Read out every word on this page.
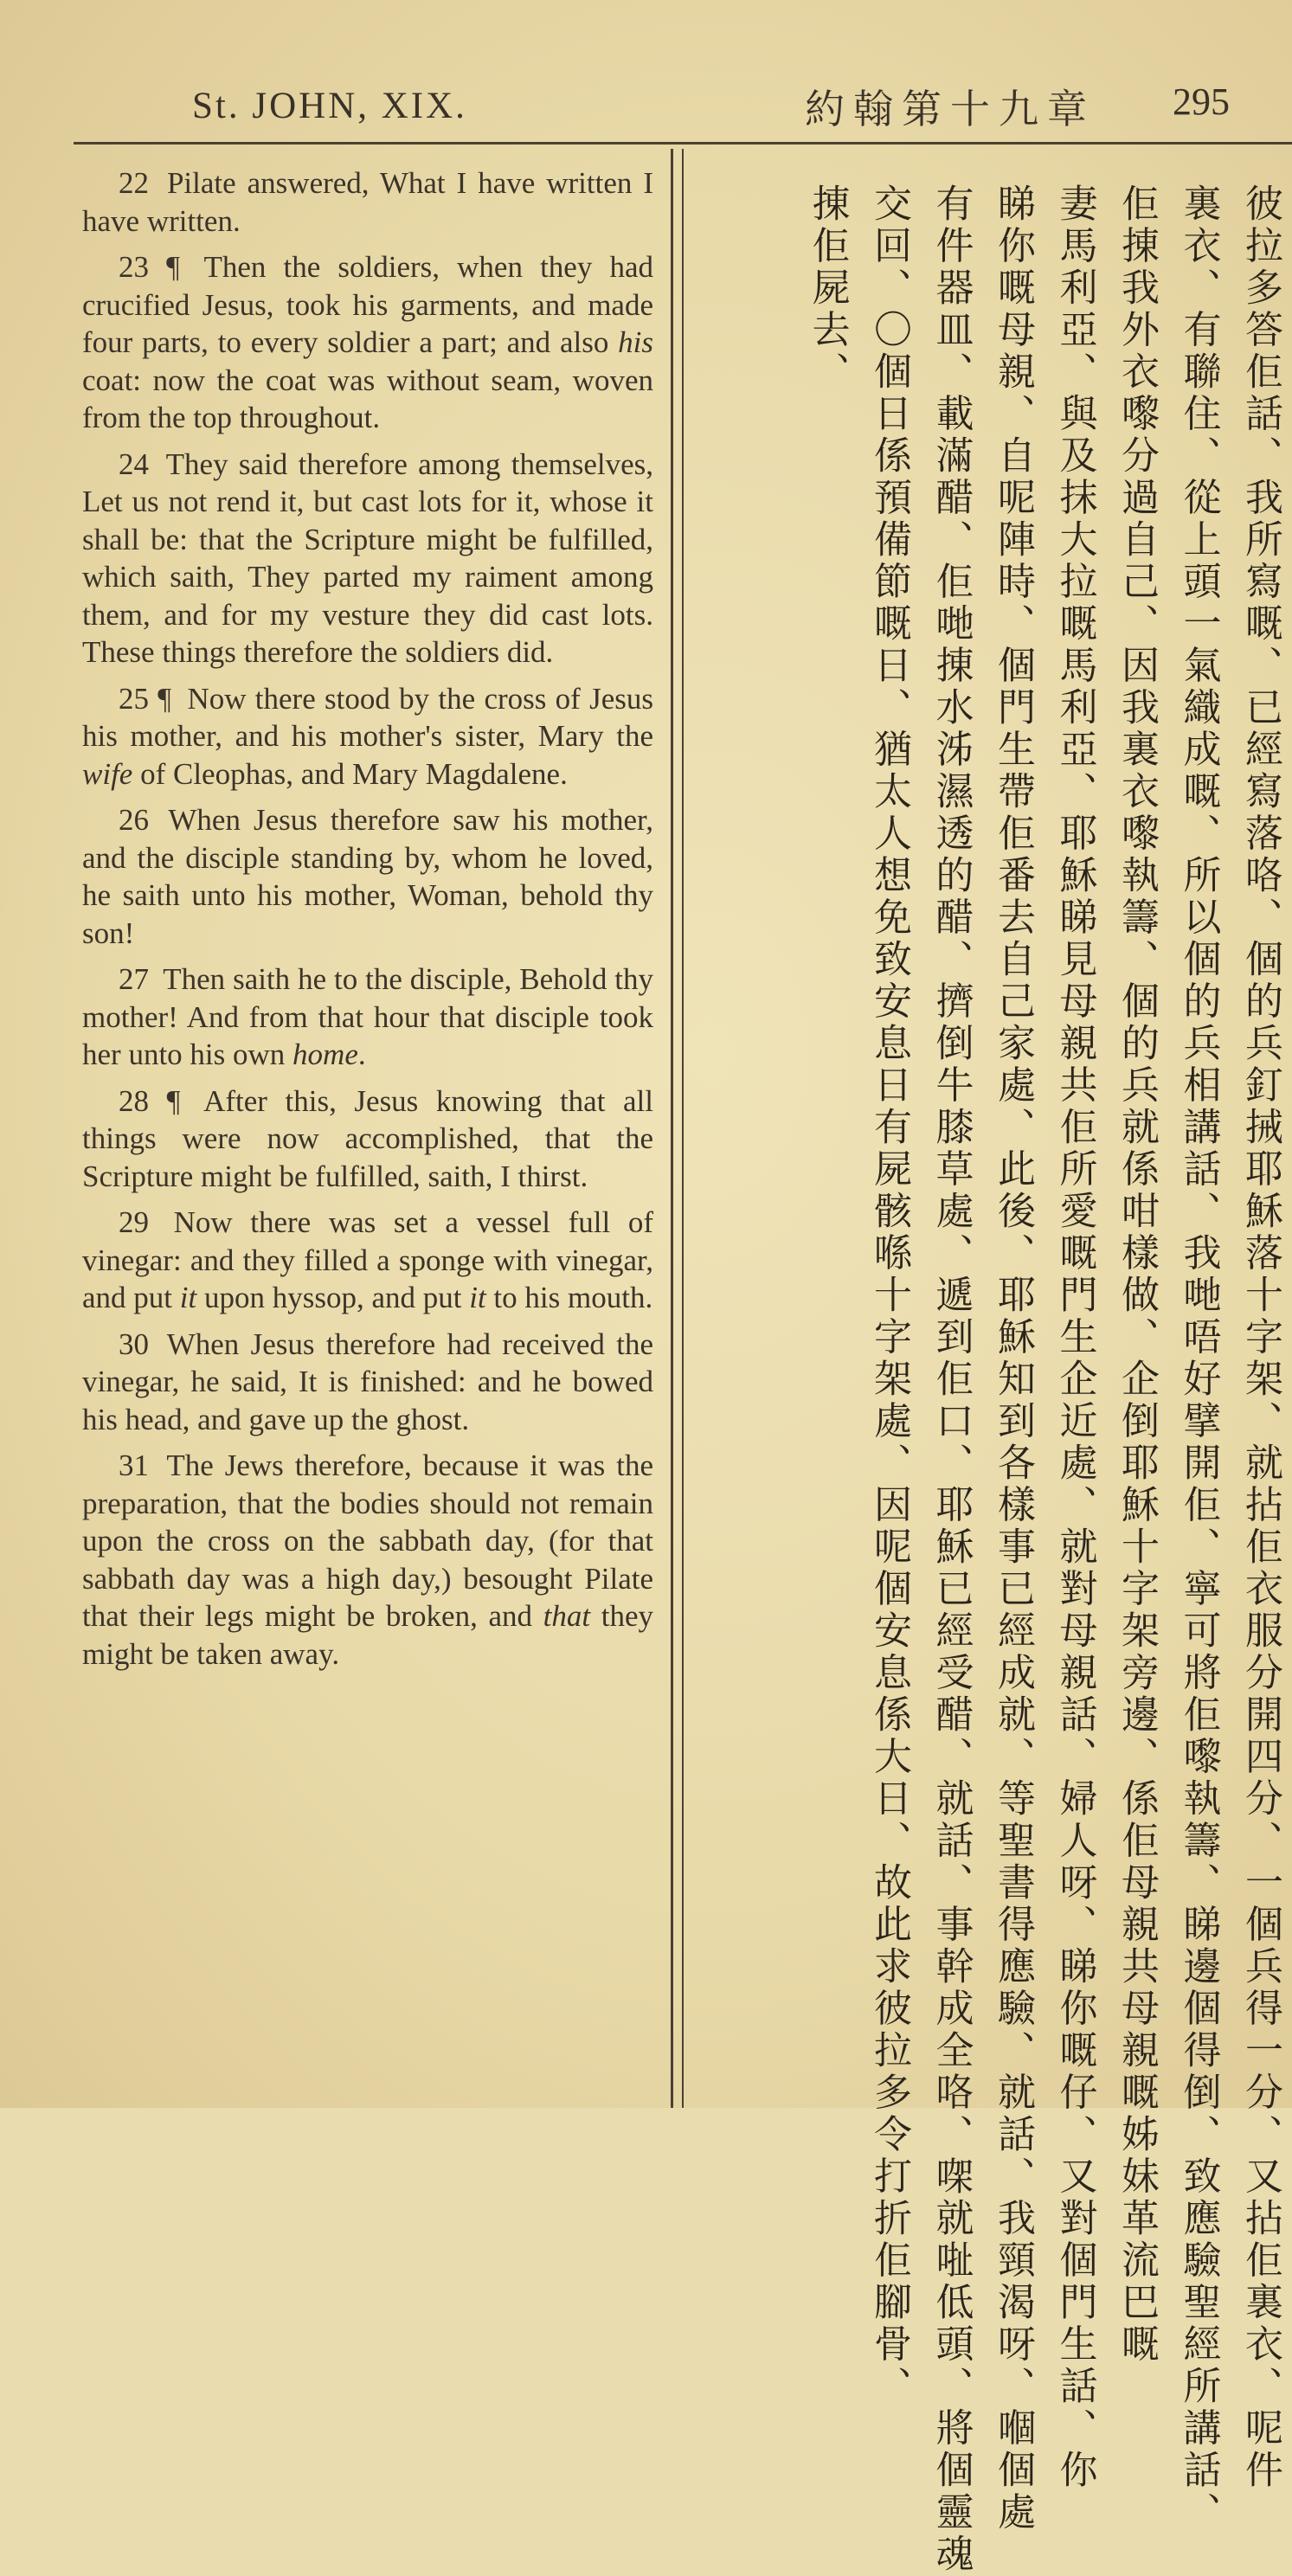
St. JOHN, XIX.	約翰第十九章 295

22 Pilate answered, What I have written I have written.

23 ¶ Then the soldiers, when they had crucified Jesus, took his garments, and made four parts, to every soldier a part; and also his coat: now the coat was without seam, woven from the top throughout.

24 They said therefore among themselves, Let us not rend it, but cast lots for it, whose it shall be: that the Scripture might be fulfilled, which saith, They parted my raiment among them, and for my vesture they did cast lots. These things therefore the soldiers did.

25 ¶ Now there stood by the cross of Jesus his mother, and his mother's sister, Mary the wife of Cleophas, and Mary Magdalene.

26 When Jesus therefore saw his mother, and the disciple standing by, whom he loved, he saith unto his mother, Woman, behold thy son!

27 Then saith he to the disciple, Behold thy mother! And from that hour that disciple took her unto his own home.

28 ¶ After this, Jesus knowing that all things were now accomplished, that the Scripture might be fulfilled, saith, I thirst.

29 Now there was set a vessel full of vinegar: and they filled a sponge with vinegar, and put it upon hyssop, and put it to his mouth.

30 When Jesus therefore had received the vinegar, he said, It is finished: and he bowed his head, and gave up the ghost.

31 The Jews therefore, because it was the preparation, that the bodies should not remain upon the cross on the sabbath day, (for that sabbath day was a high day,) besought Pilate that their legs might be broken, and that they might be taken away.	彼拉多答佢話、我所寫嘅、已經寫落咯、個的兵釘𢬿耶穌落十字架、就拈佢衣服分開四分、一個兵得一分、又拈佢裏衣、呢件
裏衣、有聯住、從上頭一氣織成嘅、所以個的兵相講話、我哋唔好擘開佢、寧可將佢嚟執籌、睇邊個得倒、致應驗聖經所講話、
佢㨂我外衣嚟分過自己、因我裏衣嚟執籌、個的兵就係咁樣做、企倒耶穌十字架旁邊、係佢母親共母親嘅姊妹革流巴嘅
妻馬利亞、與及抹大拉嘅馬利亞、耶穌睇見母親共佢所愛嘅門生企近處、就對母親話、婦人呀、睇你嘅仔、又對個門生話、你
睇你嘅母親、自呢陣時、個門生帶佢番去自己家處、此後、耶穌知到各樣事已經成就、等聖書得應驗、就話、我頸渴呀、嗰個處
有件器皿、載滿醋、佢哋㨂水泲濕透的醋、擠倒牛膝草處、遞到佢口、耶穌已經受醋、就話、事幹成全咯、㗎就𠳏低頭、將個靈魂
交回、〇個日係預備節嘅日、猶太人想免致安息日有屍骸喺十字架處、因呢個安息係大日、故此求彼拉多令打折佢腳骨、
㨂佢屍去、
